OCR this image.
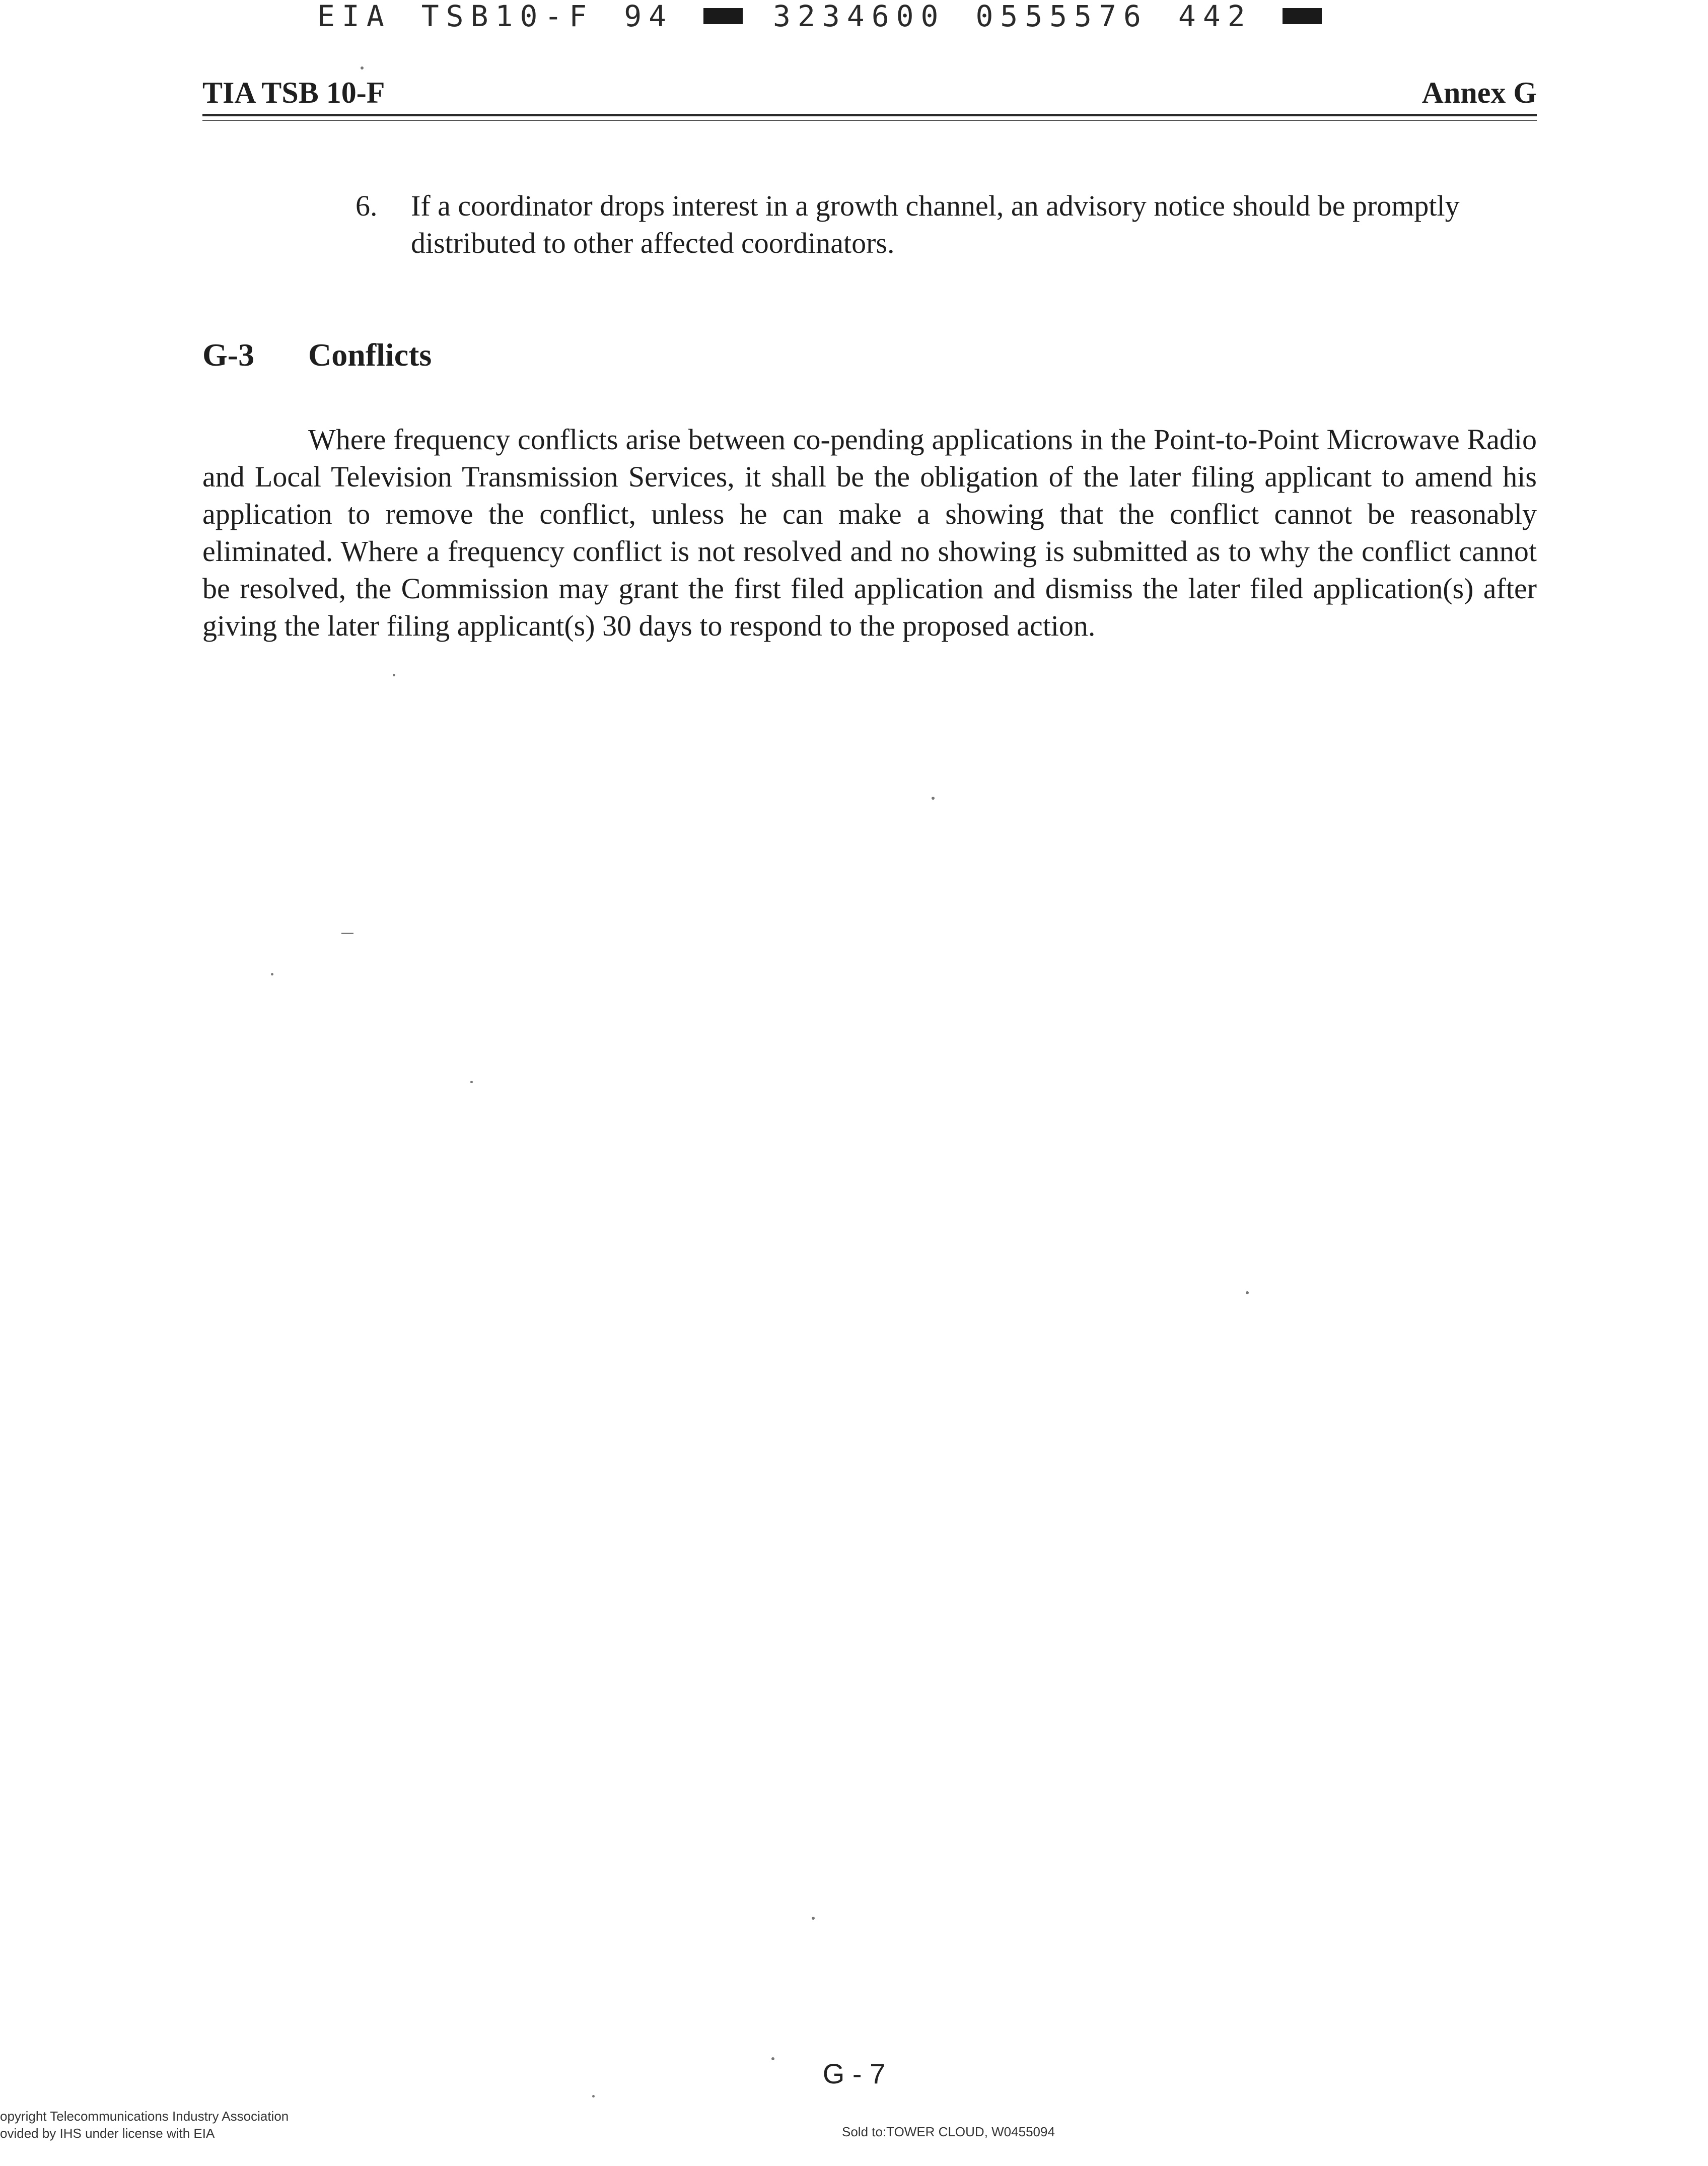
EIA TSB10-F 94	3234600 0555576 442
TIA TSB 10-F	Annex G
6.	If a coordinator drops interest in a growth channel, an advisory notice should be promptly distributed to other affected coordinators.
G-3	Conflicts
Where frequency conflicts arise between co-pending applications in the Point-to-Point Microwave Radio and Local Television Transmission Services, it shall be the obligation of the later filing applicant to amend his application to remove the conflict, unless he can make a showing that the conflict cannot be reasonably eliminated. Where a frequency conflict is not resolved and no showing is submitted as to why the conflict cannot be resolved, the Commission may grant the first filed application and dismiss the later filed application(s) after giving the later filing applicant(s) 30 days to respond to the proposed action.
G - 7
opyright Telecommunications Industry Association
ovided by IHS under license with EIA	Sold to:TOWER CLOUD, W0455094
